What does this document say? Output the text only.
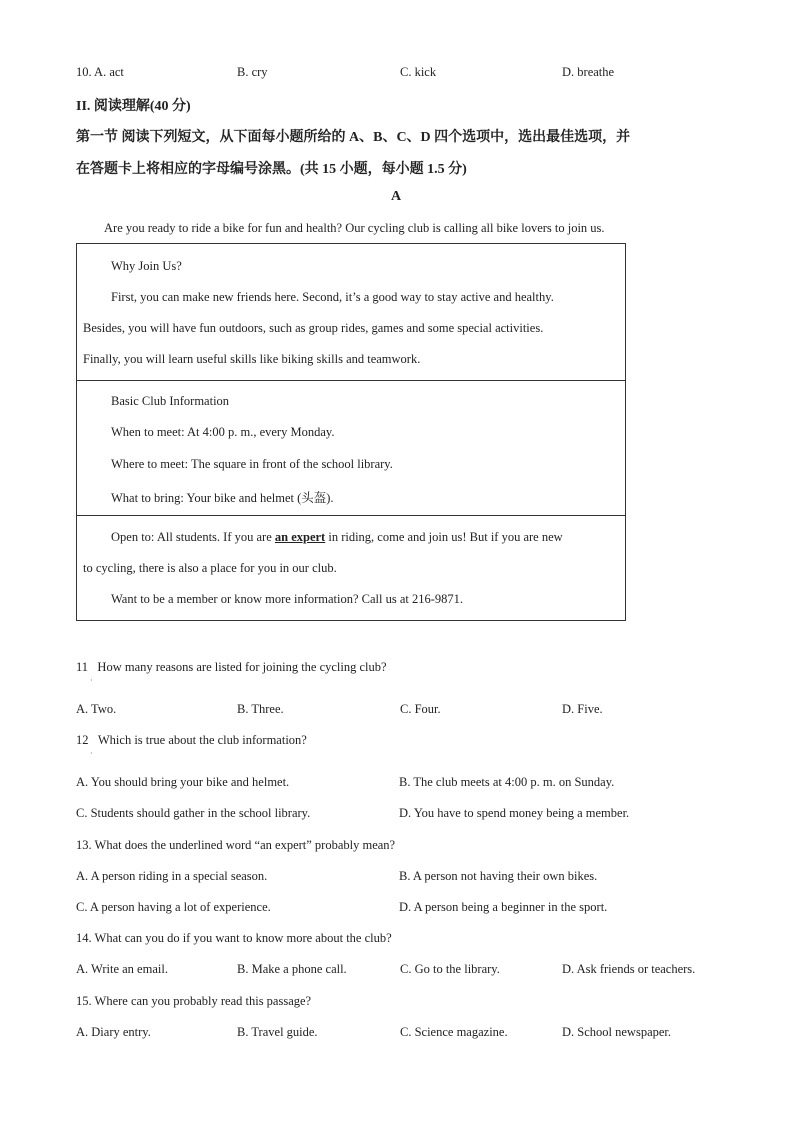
10. A. act	B. cry	C. kick	D. breathe
II. 阅读理解(40 分)
第一节 阅读下列短文，从下面每小题所给的 A、B、C、D 四个选项中，选出最佳选项，并
在答题卡上将相应的字母编号涂黑。(共 15 小题，每小题 1.5 分)
A
Are you ready to ride a bike for fun and health? Our cycling club is calling all bike lovers to join us.
Why Join Us?
First, you can make new friends here. Second, it’s a good way to stay active and healthy.
Besides, you will have fun outdoors, such as group rides, games and some special activities.
Finally, you will learn useful skills like biking skills and teamwork.
Basic Club Information
When to meet: At 4:00 p. m., every Monday.
Where to meet: The square in front of the school library.
What to bring: Your bike and helmet (头盔).
Open to: All students. If you are an expert in riding, come and join us! But if you are new
to cycling, there is also a place for you in our club.
Want to be a member or know more information? Call us at 216-9871.
11 How many reasons are listed for joining the cycling club?
·
A. Two.	B. Three.	C. Four.	D. Five.
12 Which is true about the club information?
·
A. You should bring your bike and helmet.	B. The club meets at 4:00 p. m. on Sunday.
C. Students should gather in the school library.	D. You have to spend money being a member.
13. What does the underlined word “an expert” probably mean?
A. A person riding in a special season.	B. A person not having their own bikes.
C. A person having a lot of experience.	D. A person being a beginner in the sport.
14. What can you do if you want to know more about the club?
A. Write an email.	B. Make a phone call.	C. Go to the library.	D. Ask friends or teachers.
15. Where can you probably read this passage?
A. Diary entry.	B. Travel guide.	C. Science magazine.	D. School newspaper.
